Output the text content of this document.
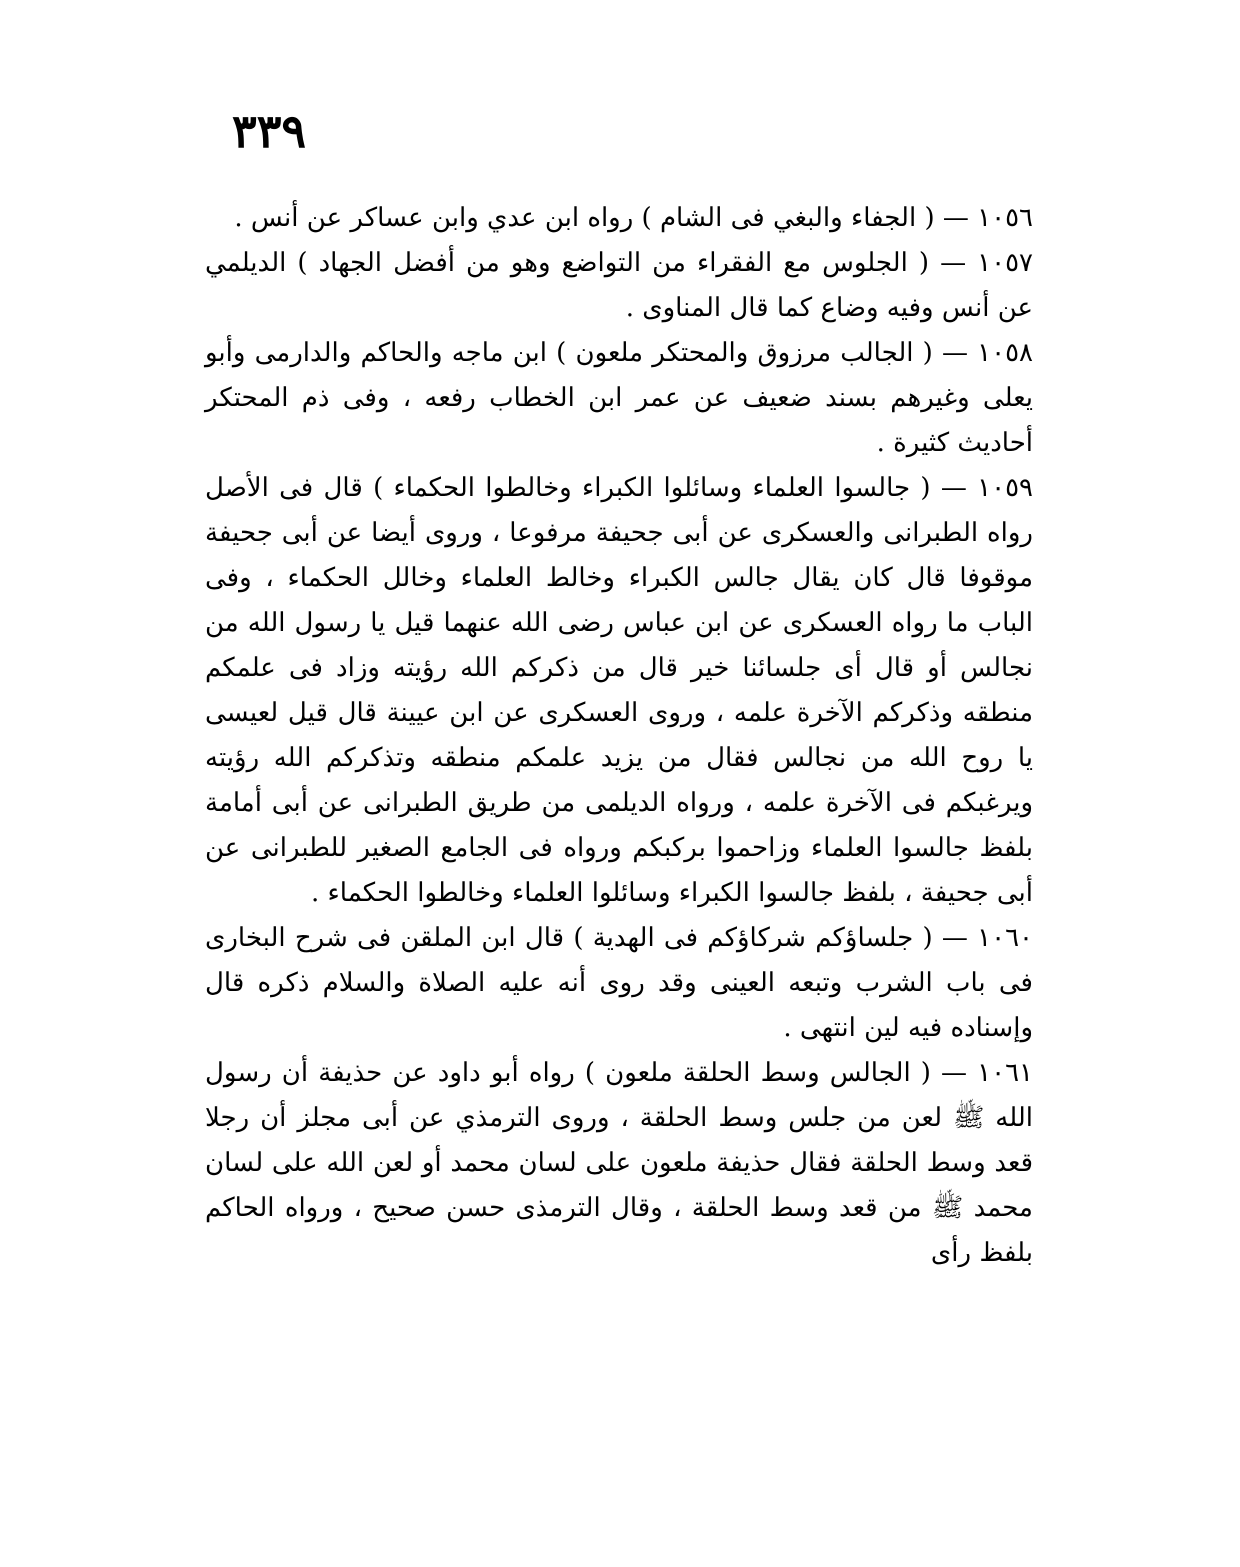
٣٣٩

١٠٥٦ — ( الجفاء والبغي فى الشام ) رواه ابن عدي وابن عساكر عن أنس .

١٠٥٧ — ( الجلوس مع الفقراء من التواضع وهو من أفضل الجهاد ) الديلمي عن أنس وفيه وضاع كما قال المناوى .

١٠٥٨ — ( الجالب مرزوق والمحتكر ملعون ) ابن ماجه والحاكم والدارمى وأبو يعلى وغيرهم بسند ضعيف عن عمر ابن الخطاب رفعه ، وفى ذم المحتكر أحاديث كثيرة .

١٠٥٩ — ( جالسوا العلماء وسائلوا الكبراء وخالطوا الحكماء ) قال فى الأصل رواه الطبرانى والعسكرى عن أبى جحيفة مرفوعا ، وروى أيضا عن أبى جحيفة موقوفا قال كان يقال جالس الكبراء وخالط العلماء وخالل الحكماء ، وفى الباب ما رواه العسكرى عن ابن عباس رضى الله عنهما قيل يا رسول الله من نجالس أو قال أى جلسائنا خير قال من ذكركم الله رؤيته وزاد فى علمكم منطقه وذكركم الآخرة علمه ، وروى العسكرى عن ابن عيينة قال قيل لعيسى يا روح الله من نجالس فقال من يزيد علمكم منطقه وتذكركم الله رؤيته ويرغبكم فى الآخرة علمه ، ورواه الديلمى من طريق الطبرانى عن أبى أمامة بلفظ جالسوا العلماء وزاحموا بركبكم ورواه فى الجامع الصغير للطبرانى عن أبى جحيفة ، بلفظ جالسوا الكبراء وسائلوا العلماء وخالطوا الحكماء .

١٠٦٠ — ( جلساؤكم شركاؤكم فى الهدية ) قال ابن الملقن فى شرح البخارى فى باب الشرب وتبعه العينى وقد روى أنه عليه الصلاة والسلام ذكره قال وإسناده فيه لين انتهى .

١٠٦١ — ( الجالس وسط الحلقة ملعون ) رواه أبو داود عن حذيفة أن رسول الله ﷺ لعن من جلس وسط الحلقة ، وروى الترمذي عن أبى مجلز أن رجلا قعد وسط الحلقة فقال حذيفة ملعون على لسان محمد أو لعن الله على لسان محمد ﷺ من قعد وسط الحلقة ، وقال الترمذى حسن صحيح ، ورواه الحاكم بلفظ رأى
